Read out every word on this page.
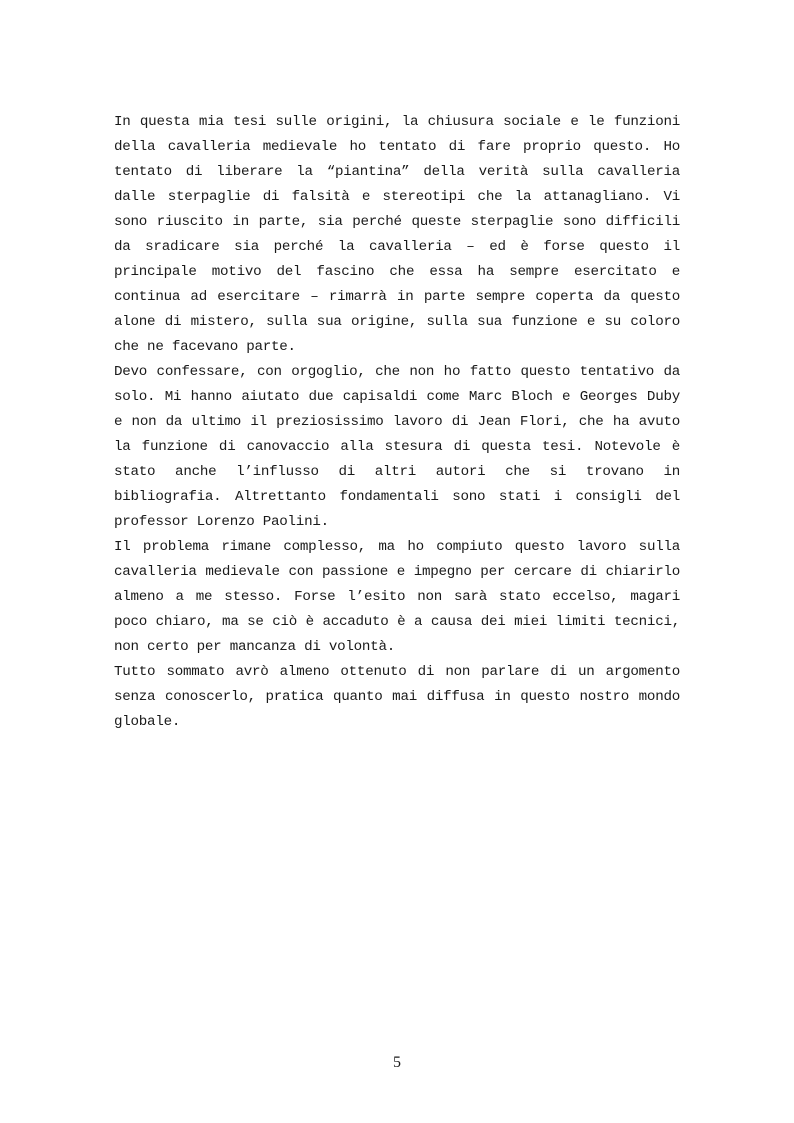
In questa mia tesi sulle origini, la chiusura sociale e le funzioni della cavalleria medievale ho tentato di fare proprio questo. Ho tentato di liberare la “piantina” della verità sulla cavalleria dalle sterpaglie di falsità e stereotipi che la attanagliano. Vi sono riuscito in parte, sia perché queste sterpaglie sono difficili da sradicare sia perché la cavalleria – ed è forse questo il principale motivo del fascino che essa ha sempre esercitato e continua ad esercitare – rimarrà in parte sempre coperta da questo alone di mistero, sulla sua origine, sulla sua funzione e su coloro che ne facevano parte.

Devo confessare, con orgoglio, che non ho fatto questo tentativo da solo. Mi hanno aiutato due capisaldi come Marc Bloch e Georges Duby e non da ultimo il preziosissimo lavoro di Jean Flori, che ha avuto la funzione di canovaccio alla stesura di questa tesi. Notevole è stato anche l’influsso di altri autori che si trovano in bibliografia. Altrettanto fondamentali sono stati i consigli del professor Lorenzo Paolini.

Il problema rimane complesso, ma ho compiuto questo lavoro sulla cavalleria medievale con passione e impegno per cercare di chiarirlo almeno a me stesso. Forse l’esito non sarà stato eccelso, magari poco chiaro, ma se ciò è accaduto è a causa dei miei limiti tecnici, non certo per mancanza di volontà.

Tutto sommato avrò almeno ottenuto di non parlare di un argomento senza conoscerlo, pratica quanto mai diffusa in questo nostro mondo globale.

5
